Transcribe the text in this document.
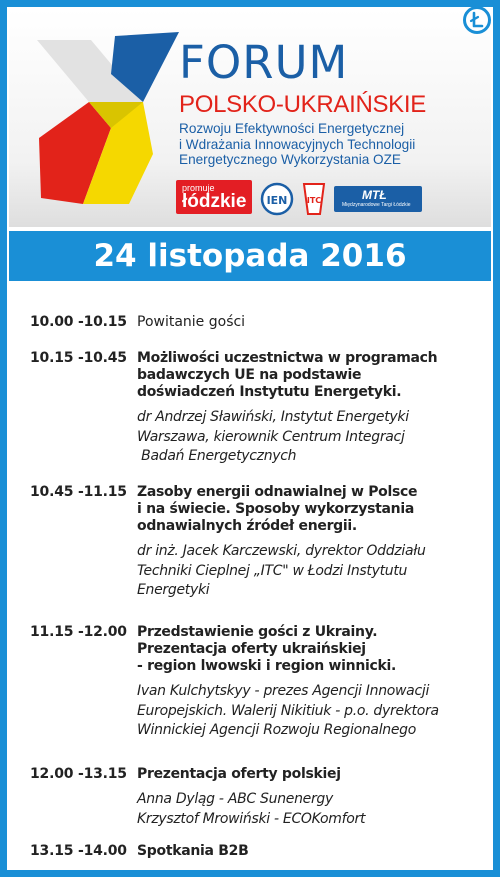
FORUM
POLSKO-UKRAIŃSKIE
Rozwoju Efektywności Energetycznej
i Wdrażania Innowacyjnych Technologii
Energetycznego Wykorzystania OZE
promuje
łódzkie IEN ITC	MTŁ
Międzynarodowe Targi Łódzkie
24 listopada 2016
10.00 -10.15 Powitanie gości
10.15 -10.45 Możliwości uczestnictwa w programach
badawczych UE na podstawie
doświadczeń Instytutu Energetyki.
dr Andrzej Sławiński, Instytut Energetyki
Warszawa, kierownik Centrum Integracj
Badań Energetycznych
10.45 -11.15 Zasoby energii odnawialnej w Polsce
i na świecie. Sposoby wykorzystania
odnawialnych źródeł energii.
dr inż. Jacek Karczewski, dyrektor Oddziału
Techniki Cieplnej „ITC" w Łodzi Instytutu
Energetyki
11.15 -12.00 Przedstawienie gości z Ukrainy.
Prezentacja oferty ukraińskiej
- region lwowski i region winnicki.
Ivan Kulchytskyy - prezes Agencji Innowacji
Europejskich. Walerij Nikitiuk - p.o. dyrektora
Winnickiej Agencji Rozwoju Regionalnego
12.00 -13.15 Prezentacja oferty polskiej
Anna Dyląg - ABC Sunenergy
Krzysztof Mrowiński - ECOKomfort
13.15 -14.00 Spotkania B2B
